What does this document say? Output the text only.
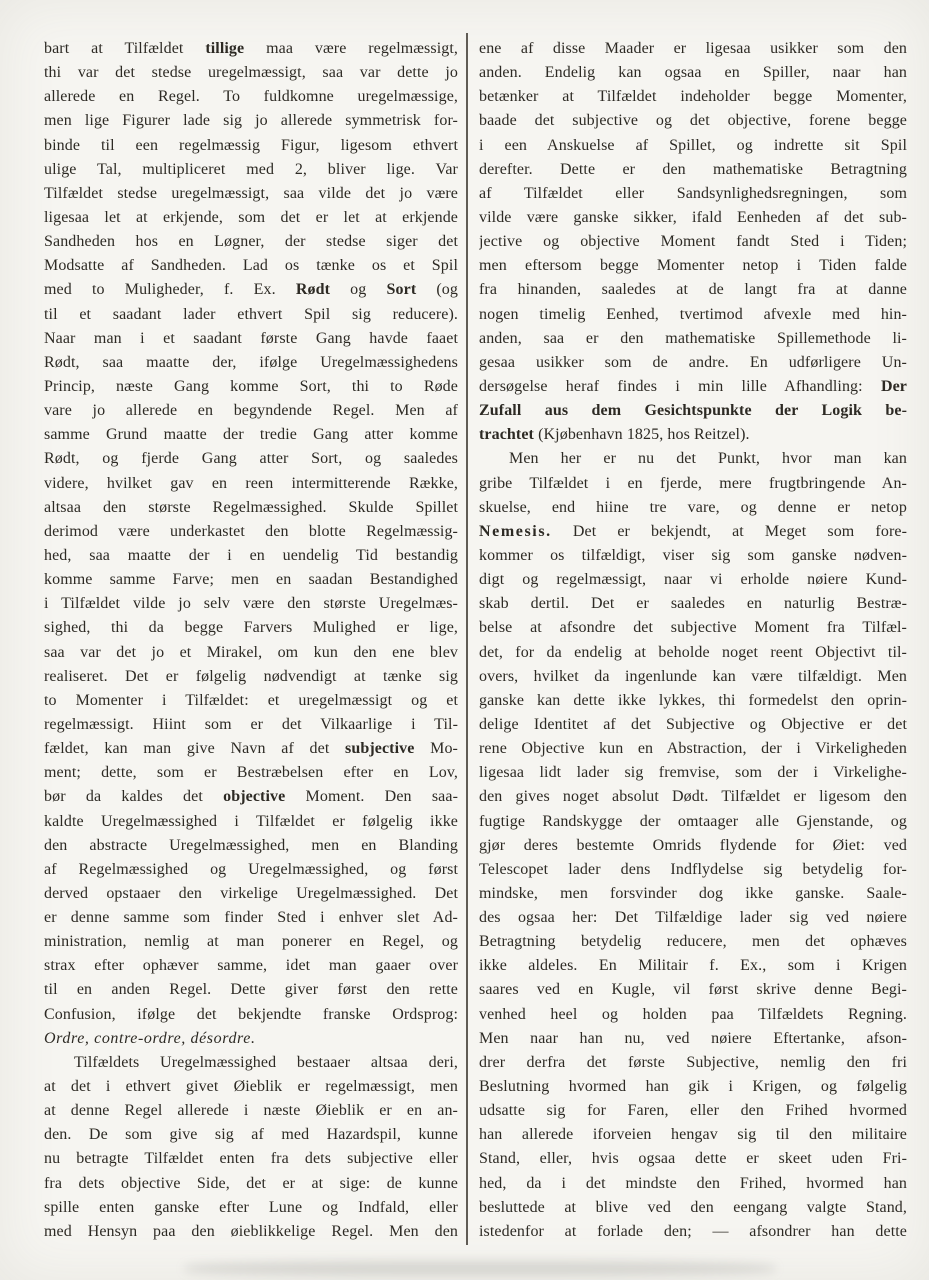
bart at Tilfældet tillige maa være regelmæssigt,
thi var det stedse uregelmæssigt, saa var dette jo
allerede en Regel. To fuldkomne uregelmæssige,
men lige Figurer lade sig jo allerede symmetrisk for-
binde til een regelmæssig Figur, ligesom ethvert
ulige Tal, multipliceret med 2, bliver lige. Var
Tilfældet stedse uregelmæssigt, saa vilde det jo være
ligesaa let at erkjende, som det er let at erkjende
Sandheden hos en Løgner, der stedse siger det
Modsatte af Sandheden. Lad os tænke os et Spil
med to Muligheder, f. Ex. Rødt og Sort (og
til et saadant lader ethvert Spil sig reducere).
Naar man i et saadant første Gang havde faaet
Rødt, saa maatte der, ifølge Uregelmæssighedens
Princip, næste Gang komme Sort, thi to Røde
vare jo allerede en begyndende Regel. Men af
samme Grund maatte der tredie Gang atter komme
Rødt, og fjerde Gang atter Sort, og saaledes
videre, hvilket gav en reen intermitterende Række,
altsaa den største Regelmæssighed. Skulde Spillet
derimod være underkastet den blotte Regelmæssig-
hed, saa maatte der i en uendelig Tid bestandig
komme samme Farve; men en saadan Bestandighed
i Tilfældet vilde jo selv være den største Uregelmæs-
sighed, thi da begge Farvers Mulighed er lige,
saa var det jo et Mirakel, om kun den ene blev
realiseret. Det er følgelig nødvendigt at tænke sig
to Momenter i Tilfældet: et uregelmæssigt og et
regelmæssigt. Hiint som er det Vilkaarlige i Til-
fældet, kan man give Navn af det subjective Mo-
ment; dette, som er Bestræbelsen efter en Lov,
bør da kaldes det objective Moment. Den saa-
kaldte Uregelmæssighed i Tilfældet er følgelig ikke
den abstracte Uregelmæssighed, men en Blanding
af Regelmæssighed og Uregelmæssighed, og først
derved opstaaer den virkelige Uregelmæssighed. Det
er denne samme som finder Sted i enhver slet Ad-
ministration, nemlig at man ponerer en Regel, og
strax efter ophæver samme, idet man gaaer over
til en anden Regel. Dette giver først den rette
Confusion, ifølge det bekjendte franske Ordsprog:
Ordre, contre-ordre, désordre.
Tilfældets Uregelmæssighed bestaaer altsaa deri,
at det i ethvert givet Øieblik er regelmæssigt, men
at denne Regel allerede i næste Øieblik er en an-
den. De som give sig af med Hazardspil, kunne
nu betragte Tilfældet enten fra dets subjective eller
fra dets objective Side, det er at sige: de kunne
spille enten ganske efter Lune og Indfald, eller
med Hensyn paa den øieblikkelige Regel. Men den
ene af disse Maader er ligesaa usikker som den
anden. Endelig kan ogsaa en Spiller, naar han
betænker at Tilfældet indeholder begge Momenter,
baade det subjective og det objective, forene begge
i een Anskuelse af Spillet, og indrette sit Spil
derefter. Dette er den mathematiske Betragtning
af Tilfældet eller Sandsynlighedsregningen, som
vilde være ganske sikker, ifald Eenheden af det sub-
jective og objective Moment fandt Sted i Tiden;
men eftersom begge Momenter netop i Tiden falde
fra hinanden, saaledes at de langt fra at danne
nogen timelig Eenhed, tvertimod afvexle med hin-
anden, saa er den mathematiske Spillemethode li-
gesaa usikker som de andre. En udførligere Un-
dersøgelse heraf findes i min lille Afhandling: Der
Zufall aus dem Gesichtspunkte der Logik be-
trachtet (Kjøbenhavn 1825, hos Reitzel).
Men her er nu det Punkt, hvor man kan
gribe Tilfældet i en fjerde, mere frugtbringende An-
skuelse, end hiine tre vare, og denne er netop
Nemesis. Det er bekjendt, at Meget som fore-
kommer os tilfældigt, viser sig som ganske nødven-
digt og regelmæssigt, naar vi erholde nøiere Kund-
skab dertil. Det er saaledes en naturlig Bestræ-
belse at afsondre det subjective Moment fra Tilfæl-
det, for da endelig at beholde noget reent Objectivt til-
overs, hvilket da ingenlunde kan være tilfældigt. Men
ganske kan dette ikke lykkes, thi formedelst den oprin-
delige Identitet af det Subjective og Objective er det
rene Objective kun en Abstraction, der i Virkeligheden
ligesaa lidt lader sig fremvise, som der i Virkelighe-
den gives noget absolut Dødt. Tilfældet er ligesom den
fugtige Randskygge der omtaager alle Gjenstande, og
gjør deres bestemte Omrids flydende for Øiet: ved
Telescopet lader dens Indflydelse sig betydelig for-
mindske, men forsvinder dog ikke ganske. Saale-
des ogsaa her: Det Tilfældige lader sig ved nøiere
Betragtning betydelig reducere, men det ophæves
ikke aldeles. En Militair f. Ex., som i Krigen
saares ved en Kugle, vil først skrive denne Begi-
venhed heel og holden paa Tilfældets Regning.
Men naar han nu, ved nøiere Eftertanke, afson-
drer derfra det første Subjective, nemlig den fri
Beslutning hvormed han gik i Krigen, og følgelig
udsatte sig for Faren, eller den Frihed hvormed
han allerede iforveien hengav sig til den militaire
Stand, eller, hvis ogsaa dette er skeet uden Fri-
hed, da i det mindste den Frihed, hvormed han
besluttede at blive ved den eengang valgte Stand,
istedenfor at forlade den; — afsondrer han dette
